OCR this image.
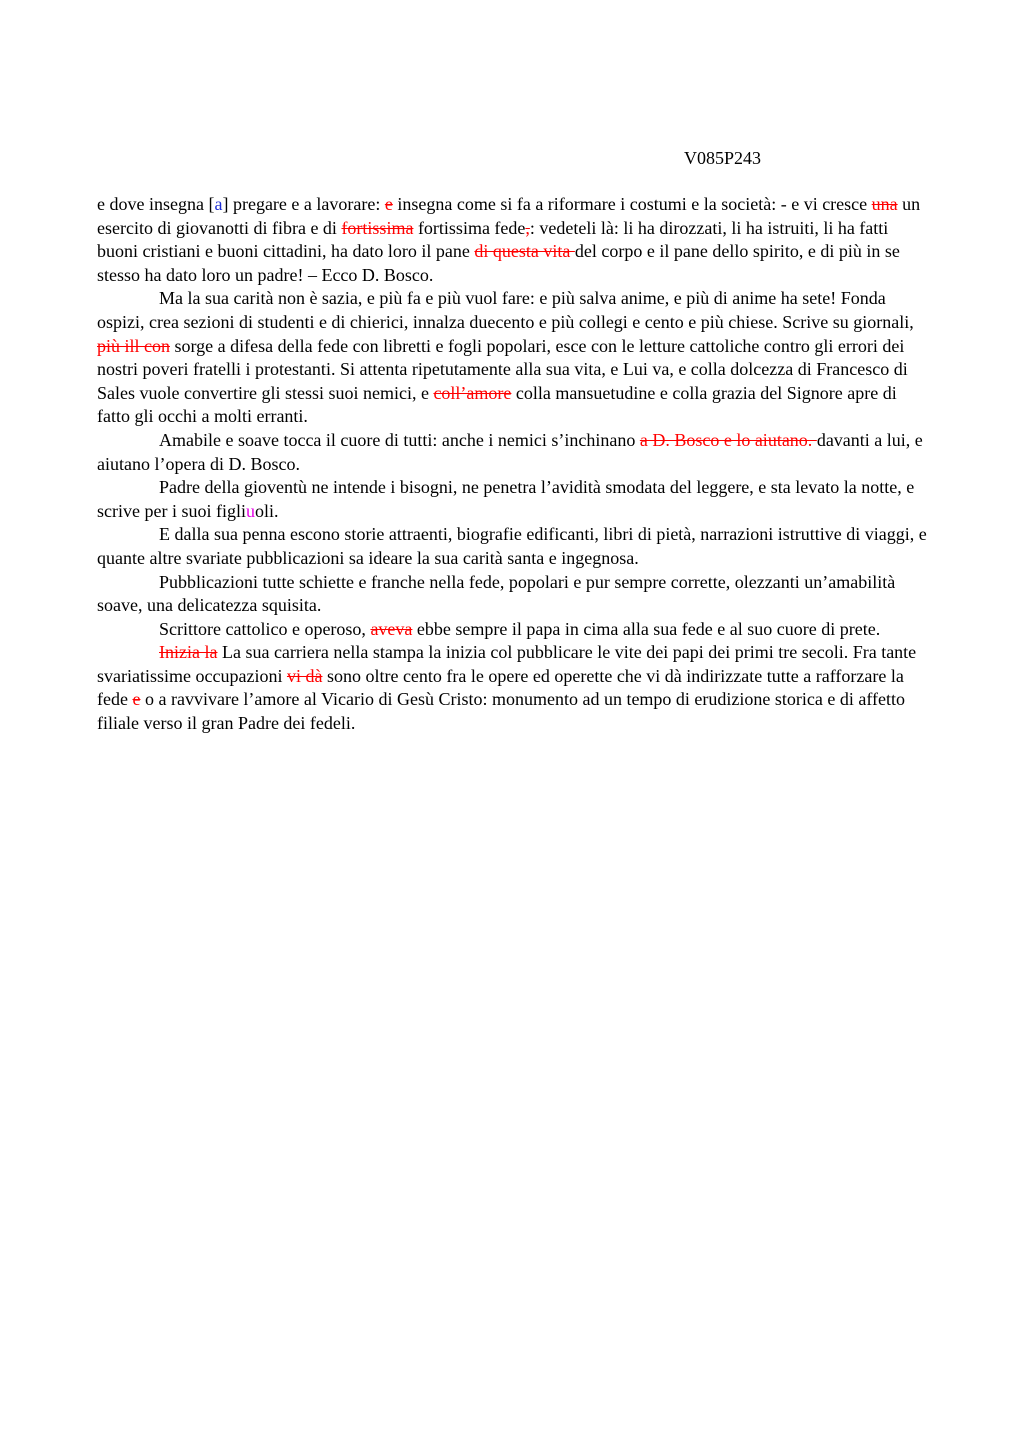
V085P243

e dove insegna [a] pregare e a lavorare: e insegna come si fa a riformare i costumi e la società: - e vi cresce una un esercito di giovanotti di fibra e di fortissima fortissima fede,: vedeteli là: li ha dirozzati, li ha istruiti, li ha fatti buoni cristiani e buoni cittadini, ha dato loro il pane di questa vita del corpo e il pane dello spirito, e di più in se stesso ha dato loro un padre! – Ecco D. Bosco.

Ma la sua carità non è sazia, e più fa e più vuol fare: e più salva anime, e più di anime ha sete! Fonda ospizi, crea sezioni di studenti e di chierici, innalza duecento e più collegi e cento e più chiese. Scrive su giornali, più ill con sorge a difesa della fede con libretti e fogli popolari, esce con le letture cattoliche contro gli errori dei nostri poveri fratelli i protestanti. Si attenta ripetutamente alla sua vita, e Lui va, e colla dolcezza di Francesco di Sales vuole convertire gli stessi suoi nemici, e coll’amore colla mansuetudine e colla grazia del Signore apre di fatto gli occhi a molti erranti.

Amabile e soave tocca il cuore di tutti: anche i nemici s’inchinano a D. Bosco e lo aiutano. davanti a lui, e aiutano l’opera di D. Bosco.

Padre della gioventù ne intende i bisogni, ne penetra l’avidità smodata del leggere, e sta levato la notte, e scrive per i suoi figliuoli.

E dalla sua penna escono storie attraenti, biografie edificanti, libri di pietà, narrazioni istruttive di viaggi, e quante altre svariate pubblicazioni sa ideare la sua carità santa e ingegnosa.

Pubblicazioni tutte schiette e franche nella fede, popolari e pur sempre corrette, olezzanti un’amabilità soave, una delicatezza squisita.

Scrittore cattolico e operoso, aveva ebbe sempre il papa in cima alla sua fede e al suo cuore di prete.

Inizia la La sua carriera nella stampa la inizia col pubblicare le vite dei papi dei primi tre secoli. Fra tante svariatissime occupazioni vi dà sono oltre cento fra le opere ed operette che vi dà indirizzate tutte a rafforzare la fede e o a ravvivare l’amore al Vicario di Gesù Cristo: monumento ad un tempo di erudizione storica e di affetto filiale verso il gran Padre dei fedeli.
